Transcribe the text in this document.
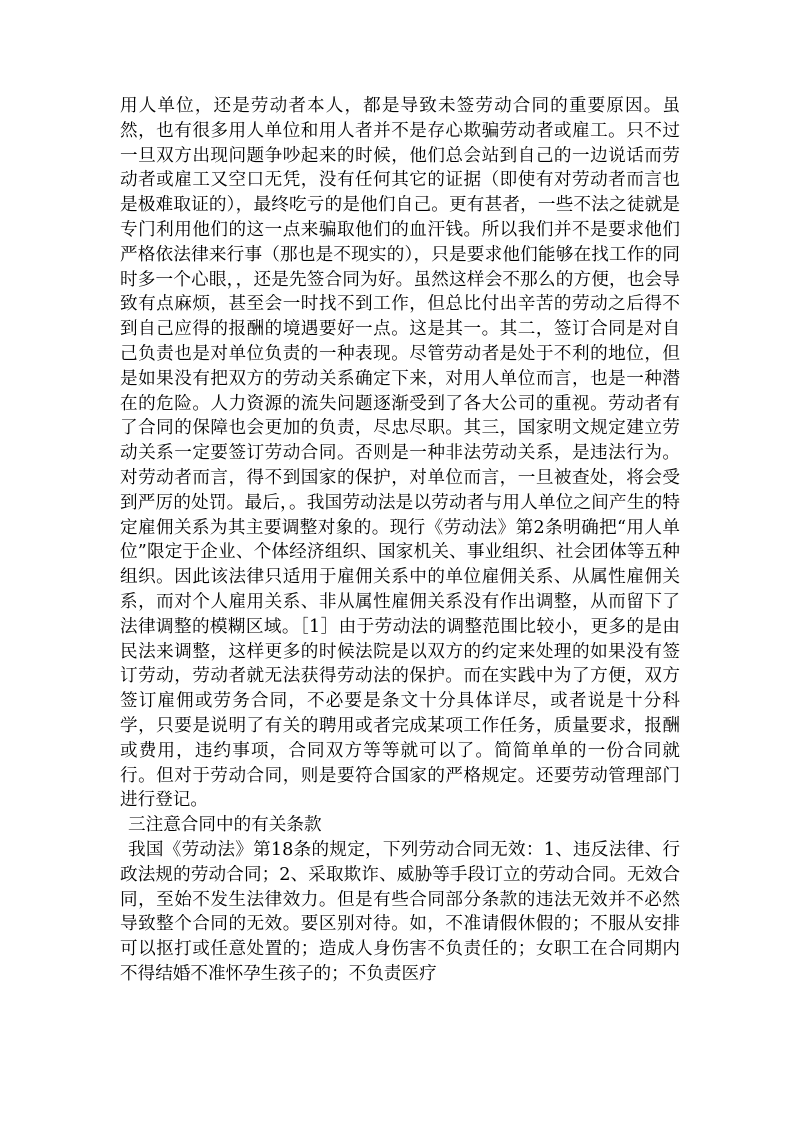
用人单位，还是劳动者本人，都是导致未签劳动合同的重要原因。虽然，也有很多用人单位和用人者并不是存心欺骗劳动者或雇工。只不过一旦双方出现问题争吵起来的时候，他们总会站到自己的一边说话而劳动者或雇工又空口无凭，没有任何其它的证据（即使有对劳动者而言也是极难取证的），最终吃亏的是他们自己。更有甚者，一些不法之徒就是专门利用他们的这一点来骗取他们的血汗钱。所以我们并不是要求他们严格依法律来行事（那也是不现实的），只是要求他们能够在找工作的同时多一个心眼，，还是先签合同为好。虽然这样会不那么的方便，也会导致有点麻烦，甚至会一时找不到工作，但总比付出辛苦的劳动之后得不到自己应得的报酬的境遇要好一点。这是其一。其二，签订合同是对自己负责也是对单位负责的一种表现。尽管劳动者是处于不利的地位，但是如果没有把双方的劳动关系确定下来，对用人单位而言，也是一种潜在的危险。人力资源的流失问题逐渐受到了各大公司的重视。劳动者有了合同的保障也会更加的负责，尽忠尽职。其三，国家明文规定建立劳动关系一定要签订劳动合同。否则是一种非法劳动关系，是违法行为。对劳动者而言，得不到国家的保护，对单位而言，一旦被查处，将会受到严厉的处罚。最后，。我国劳动法是以劳动者与用人单位之间产生的特定雇佣关系为其主要调整对象的。现行《劳动法》第2条明确把“用人单位”限定于企业、个体经济组织、国家机关、事业组织、社会团体等五种组织。因此该法律只适用于雇佣关系中的单位雇佣关系、从属性雇佣关系，而对个人雇用关系、非从属性雇佣关系没有作出调整，从而留下了法律调整的模糊区域。［1］由于劳动法的调整范围比较小，更多的是由民法来调整，这样更多的时候法院是以双方的约定来处理的如果没有签订劳动，劳动者就无法获得劳动法的保护。而在实践中为了方便，双方签订雇佣或劳务合同，不必要是条文十分具体详尽，或者说是十分科学，只要是说明了有关的聘用或者完成某项工作任务，质量要求，报酬或费用，违约事项，合同双方等等就可以了。简简单单的一份合同就行。但对于劳动合同，则是要符合国家的严格规定。还要劳动管理部门进行登记。

三注意合同中的有关条款

我国《劳动法》第18条的规定，下列劳动合同无效：1、违反法律、行政法规的劳动合同；2、采取欺诈、威胁等手段订立的劳动合同。无效合同，至始不发生法律效力。但是有些合同部分条款的违法无效并不必然导致整个合同的无效。要区别对待。如，不准请假休假的；不服从安排可以抠打或任意处置的；造成人身伤害不负责任的；女职工在合同期内不得结婚不准怀孕生孩子的；不负责医疗
